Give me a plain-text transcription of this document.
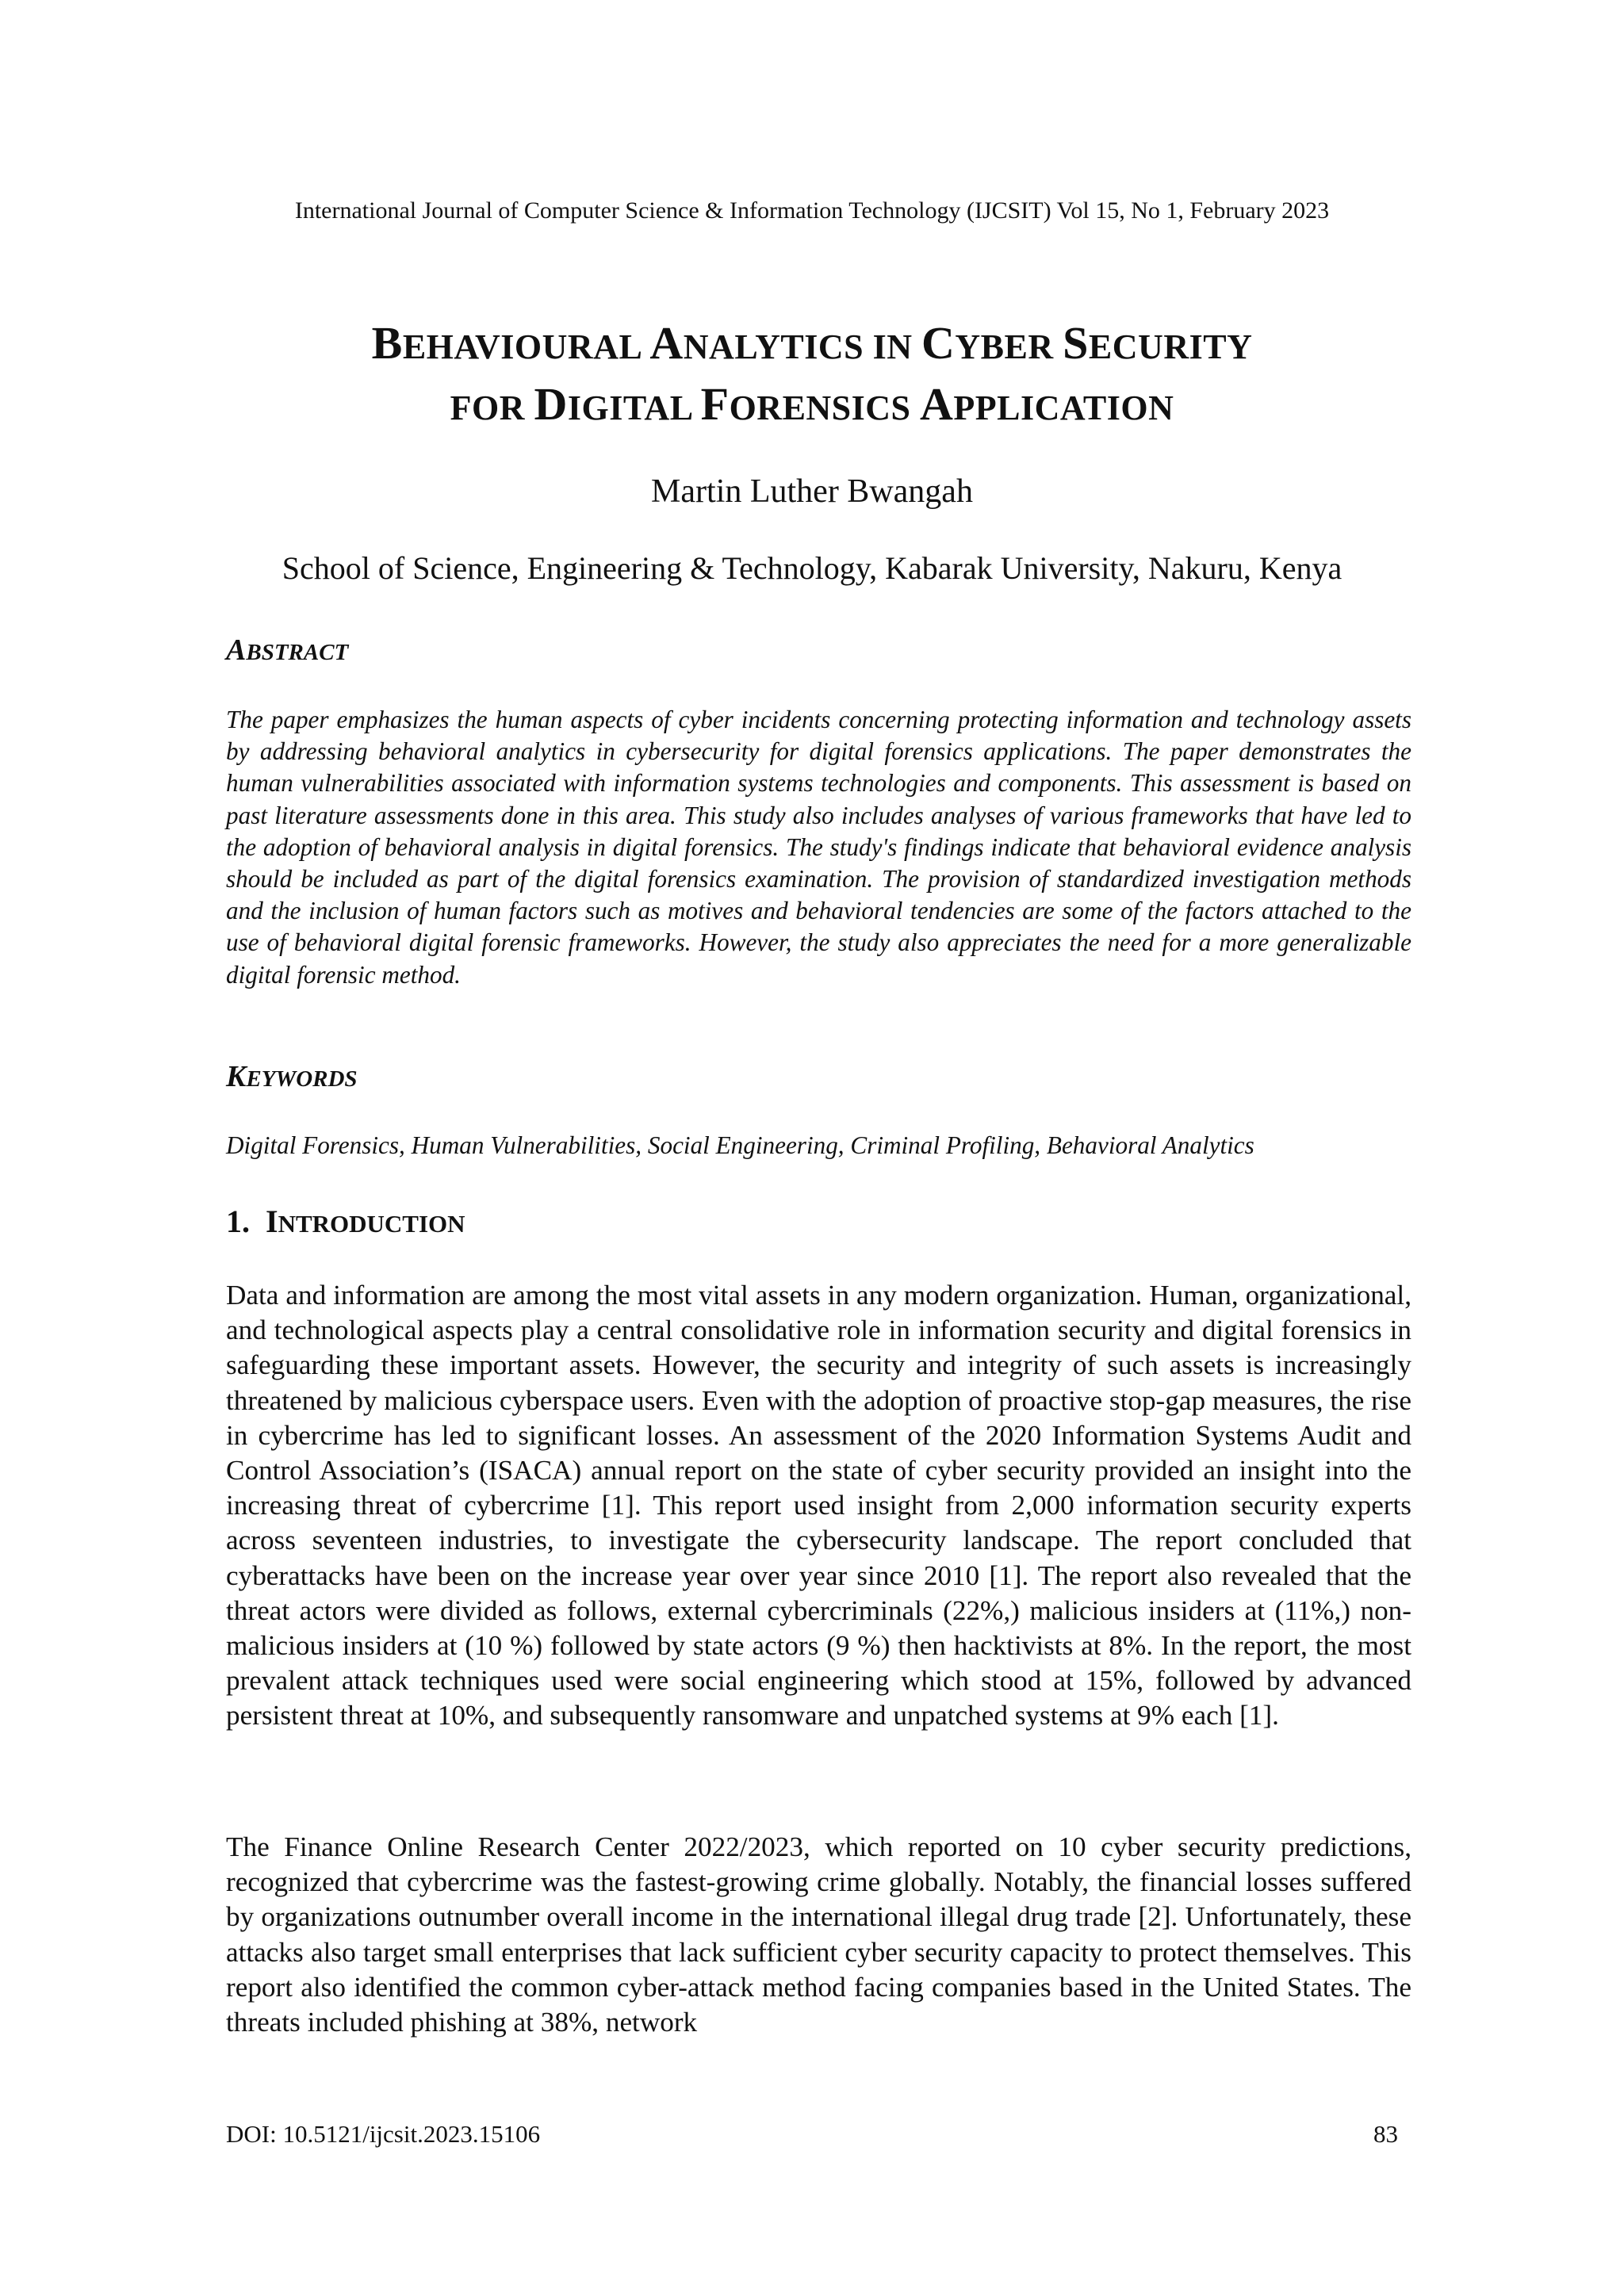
International Journal of Computer Science & Information Technology (IJCSIT) Vol 15, No 1, February 2023
BEHAVIOURAL ANALYTICS IN CYBER SECURITY
FOR DIGITAL FORENSICS APPLICATION
Martin Luther Bwangah
School of Science, Engineering & Technology, Kabarak University, Nakuru, Kenya
ABSTRACT
The paper emphasizes the human aspects of cyber incidents concerning protecting information and technology assets by addressing behavioral analytics in cybersecurity for digital forensics applications. The paper demonstrates the human vulnerabilities associated with information systems technologies and components. This assessment is based on past literature assessments done in this area. This study also includes analyses of various frameworks that have led to the adoption of behavioral analysis in digital forensics. The study's findings indicate that behavioral evidence analysis should be included as part of the digital forensics examination. The provision of standardized investigation methods and the inclusion of human factors such as motives and behavioral tendencies are some of the factors attached to the use of behavioral digital forensic frameworks. However, the study also appreciates the need for a more generalizable digital forensic method.
KEYWORDS
Digital Forensics, Human Vulnerabilities, Social Engineering, Criminal Profiling, Behavioral Analytics
1. INTRODUCTION
Data and information are among the most vital assets in any modern organization. Human, organizational, and technological aspects play a central consolidative role in information security and digital forensics in safeguarding these important assets. However, the security and integrity of such assets is increasingly threatened by malicious cyberspace users. Even with the adoption of proactive stop-gap measures, the rise in cybercrime has led to significant losses. An assessment of the 2020 Information Systems Audit and Control Association’s (ISACA) annual report on the state of cyber security provided an insight into the increasing threat of cybercrime [1]. This report used insight from 2,000 information security experts across seventeen industries, to investigate the cybersecurity landscape. The report concluded that cyberattacks have been on the increase year over year since 2010 [1]. The report also revealed that the threat actors were divided as follows, external cybercriminals (22%,) malicious insiders at (11%,) non-malicious insiders at (10 %) followed by state actors (9 %) then hacktivists at 8%. In the report, the most prevalent attack techniques used were social engineering which stood at 15%, followed by advanced persistent threat at 10%, and subsequently ransomware and unpatched systems at 9% each [1].
The Finance Online Research Center 2022/2023, which reported on 10 cyber security predictions, recognized that cybercrime was the fastest-growing crime globally. Notably, the financial losses suffered by organizations outnumber overall income in the international illegal drug trade [2]. Unfortunately, these attacks also target small enterprises that lack sufficient cyber security capacity to protect themselves. This report also identified the common cyber-attack method facing companies based in the United States. The threats included phishing at 38%, network
DOI: 10.5121/ijcsit.2023.15106	83
